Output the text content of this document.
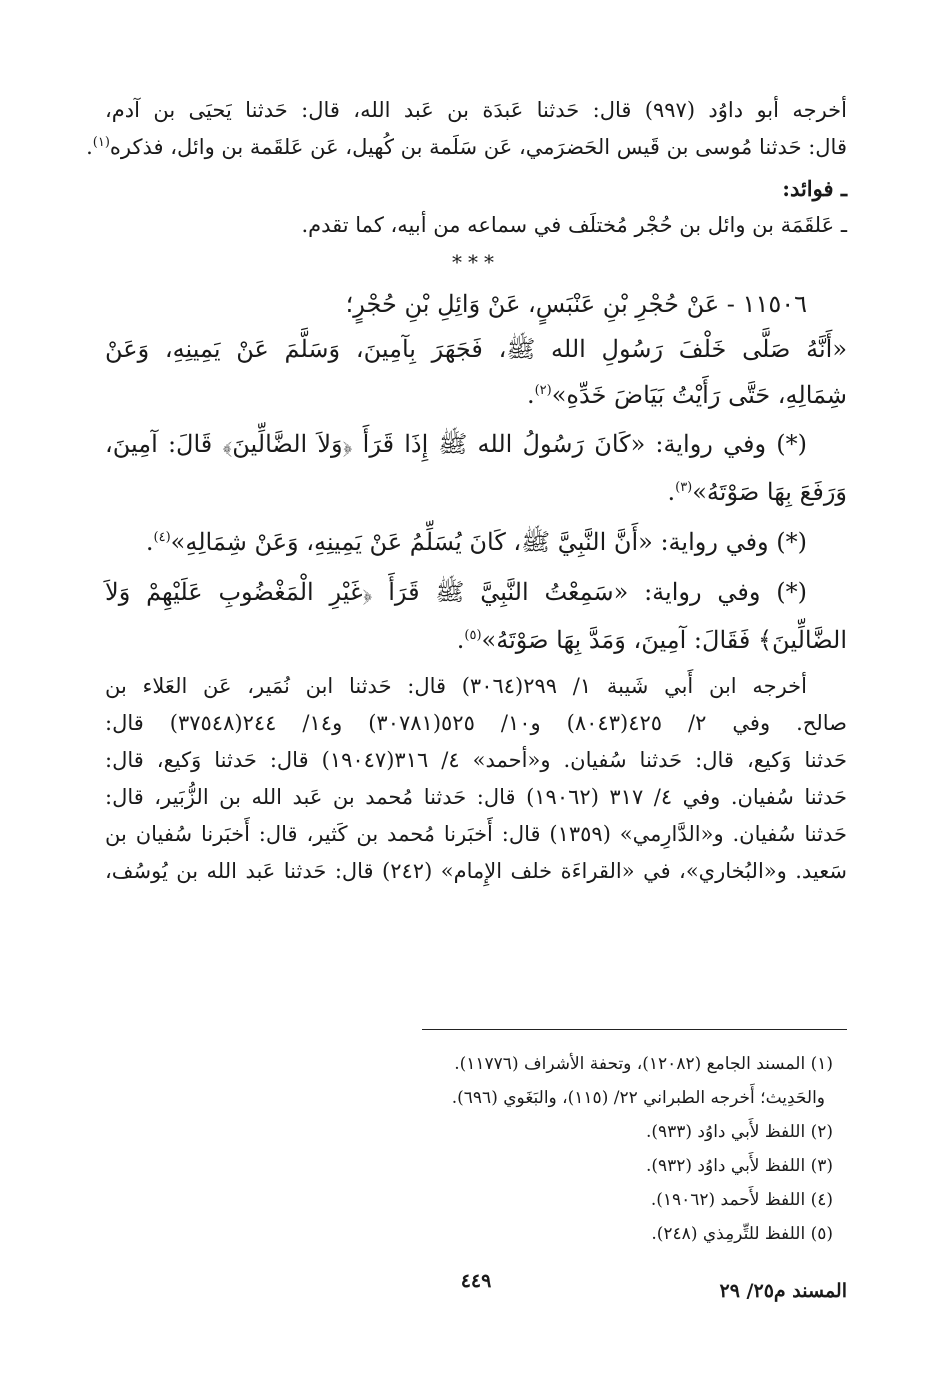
أخرجه أبو داوُد (٩٩٧) قال: حَدثنا عَبدَة بن عَبد الله، قال: حَدثنا يَحيَى بن آدم،
قال: حَدثنا مُوسى بن قَيس الحَضرَمي، عَن سَلَمة بن كُهيل، عَن عَلقَمة بن وائل، فذكره$^{(١)}$.
ـ فوائد:
ـ عَلقَمَة بن وائل بن حُجْر مُختلَف في سماعه من أبيه، كما تقدم.
***
١١٥٠٦ - عَنْ حُجْرِ بْنِ عَنْبَسٍ، عَنْ وَائِلِ بْنِ حُجْرٍ؛
«أَنَّهُ صَلَّى خَلْفَ رَسُولِ الله ﷺ، فَجَهَرَ بِآمِينَ، وَسَلَّمَ عَنْ يَمِينِهِ، وَعَنْ
شِمَالِهِ، حَتَّى رَأَيْتُ بَيَاضَ خَدِّهِ»$^{(٢)}$.
(*) وفي رواية: «كَانَ رَسُولُ الله ﷺ إِذَا قَرَأَ ﴿وَلاَ الضَّالِّينَ﴾ قَالَ: آمِينَ،
وَرَفَعَ بِهَا صَوْتَهُ»$^{(٣)}$.
(*) وفي رواية: «أَنَّ النَّبِيَّ ﷺ، كَانَ يُسَلِّمُ عَنْ يَمِينِهِ، وَعَنْ شِمَالِهِ»$^{(٤)}$.
(*) وفي رواية: «سَمِعْتُ النَّبِيَّ ﷺ قَرَأَ ﴿غَيْرِ الْمَغْضُوبِ عَلَيْهِمْ وَلاَ
الضَّالِّينَ﴾ فَقَالَ: آمِينَ، وَمَدَّ بِهَا صَوْتَهُ»$^{(٥)}$.
أخرجه ابن أَبي شَيبة ١/ ٢٩٩(٣٠٦٤) قال: حَدثنا ابن نُمَير، عَن العَلاء بن
صالح. وفي ٢/ ٤٢٥(٨٠٤٣) و١٠/ ٥٢٥(٣٠٧٨١) و١٤/ ٢٤٤(٣٧٥٤٨) قال:
حَدثنا وَكيع، قال: حَدثنا سُفيان. و«أحمد» ٤/ ٣١٦(١٩٠٤٧) قال: حَدثنا وَكيع، قال:
حَدثنا سُفيان. وفي ٤/ ٣١٧ (١٩٠٦٢) قال: حَدثنا مُحمد بن عَبد الله بن الزُّبَير، قال:
حَدثنا سُفيان. و«الدَّارِمي» (١٣٥٩) قال: أَخبَرنا مُحمد بن كَثير، قال: أَخبَرنا سُفيان بن
سَعيد. و«البُخاري»، في «القراءَة خلف الإِمام» (٢٤٢) قال: حَدثنا عَبد الله بن يُوسُف،
(١) المسند الجامع (١٢٠٨٢)، وتحفة الأشراف (١١٧٧٦).
والحَدِيث؛ أَخرجه الطبراني ٢٢/ (١١٥)، والبَغَوي (٦٩٦).
(٢) اللفظ لأَبي داوُد (٩٣٣).
(٣) اللفظ لأَبي داوُد (٩٣٢).
(٤) اللفظ لأَحمد (١٩٠٦٢).
(٥) اللفظ للتِّرمِذي (٢٤٨).
٤٤٩	المسند م٢٥/ ٢٩
